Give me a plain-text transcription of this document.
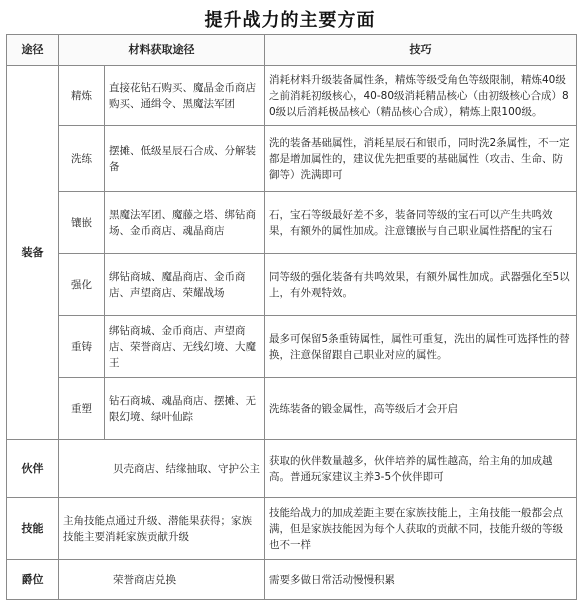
提升战力的主要方面
途径	材料获取途径		技巧
装备	精炼	直接花钻石购买、魔晶金币商店购买、通缉令、黑魔法军团	消耗材料升级装备属性条，精炼等级受角色等级限制，精炼40级之前消耗初级核心，40-80级消耗精品核心（由初级核心合成）80级以后消耗极品核心（精品核心合成），精炼上限100级。
	洗练	摆摊、低级星辰石合成、分解装备	洗的装备基础属性，消耗星辰石和银币，同时洗2条属性，不一定都是增加属性的，建议优先把重要的基础属性（攻击、生命、防御等）洗满即可
	镶嵌	黑魔法军团、魔藤之塔、绑钻商场、金币商店、魂晶商店	石，宝石等级最好差不多，装备同等级的宝石可以产生共鸣效果，有额外的属性加成。注意镶嵌与自己职业属性搭配的宝石
	强化	绑钻商城、魔晶商店、金币商店、声望商店、荣耀战场	同等级的强化装备有共鸣效果，有额外属性加成。武器强化至5以上，有外观特效。
	重铸	绑钻商城、金币商店、声望商店、荣誉商店、无线幻境、大魔王	最多可保留5条重铸属性，属性可重复，洗出的属性可选择性的替换，注意保留跟自己职业对应的属性。
	重塑	钻石商城、魂晶商店、摆摊、无限幻境、绿叶仙踪	洗练装备的锻金属性，高等级后才会开启
伙伴	贝壳商店、结缘抽取、守护公主		获取的伙伴数量越多，伙伴培养的属性越高，给主角的加成越高。普通玩家建议主养3-5个伙伴即可
技能	主角技能点通过升级、潜能果获得；家族技能主要消耗家族贡献升级		技能给战力的加成差距主要在家族技能上，主角技能一般都会点满，但是家族技能因为每个人获取的贡献不同，技能升级的等级也不一样
爵位	荣誉商店兑换		需要多做日常活动慢慢积累
